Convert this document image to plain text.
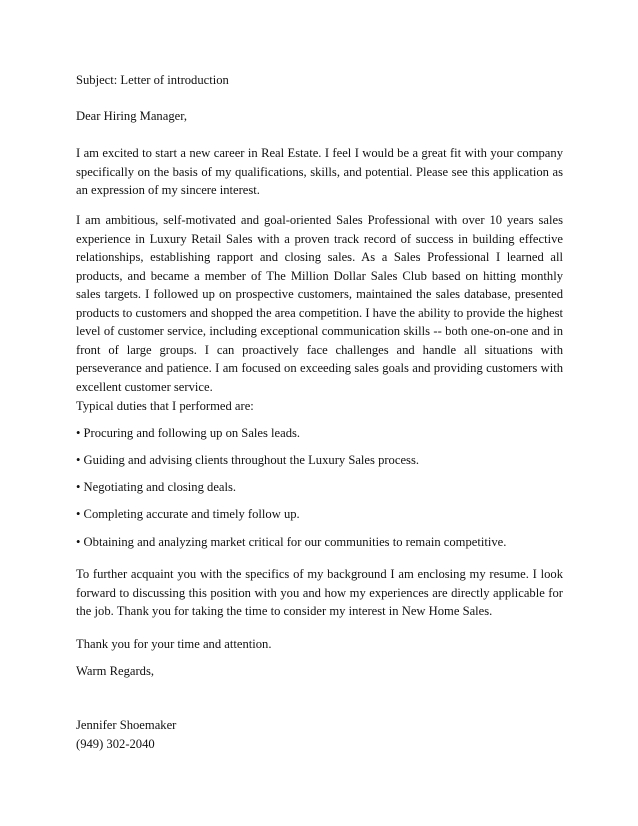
Subject: Letter of introduction

Dear Hiring Manager,

I am excited to start a new career in Real Estate. I feel I would be a great fit with your company specifically on the basis of my qualifications, skills, and potential. Please see this application as an expression of my sincere interest.

I am ambitious, self-motivated and goal-oriented Sales Professional with over 10 years sales experience in Luxury Retail Sales with a proven track record of success in building effective relationships, establishing rapport and closing sales. As a Sales Professional I learned all products, and became a member of The Million Dollar Sales Club based on hitting monthly sales targets. I followed up on prospective customers, maintained the sales database, presented products to customers and shopped the area competition. I have the ability to provide the highest level of customer service, including exceptional communication skills -- both one-on-one and in front of large groups. I can proactively face challenges and handle all situations with perseverance and patience. I am focused on exceeding sales goals and providing customers with excellent customer service.

Typical duties that I performed are:

• Procuring and following up on Sales leads.

• Guiding and advising clients throughout the Luxury Sales process.

• Negotiating and closing deals.

• Completing accurate and timely follow up.

• Obtaining and analyzing market critical for our communities to remain competitive.

To further acquaint you with the specifics of my background I am enclosing my resume. I look forward to discussing this position with you and how my experiences are directly applicable for the job. Thank you for taking the time to consider my interest in New Home Sales.

Thank you for your time and attention.

Warm Regards,

Jennifer Shoemaker
(949) 302-2040
